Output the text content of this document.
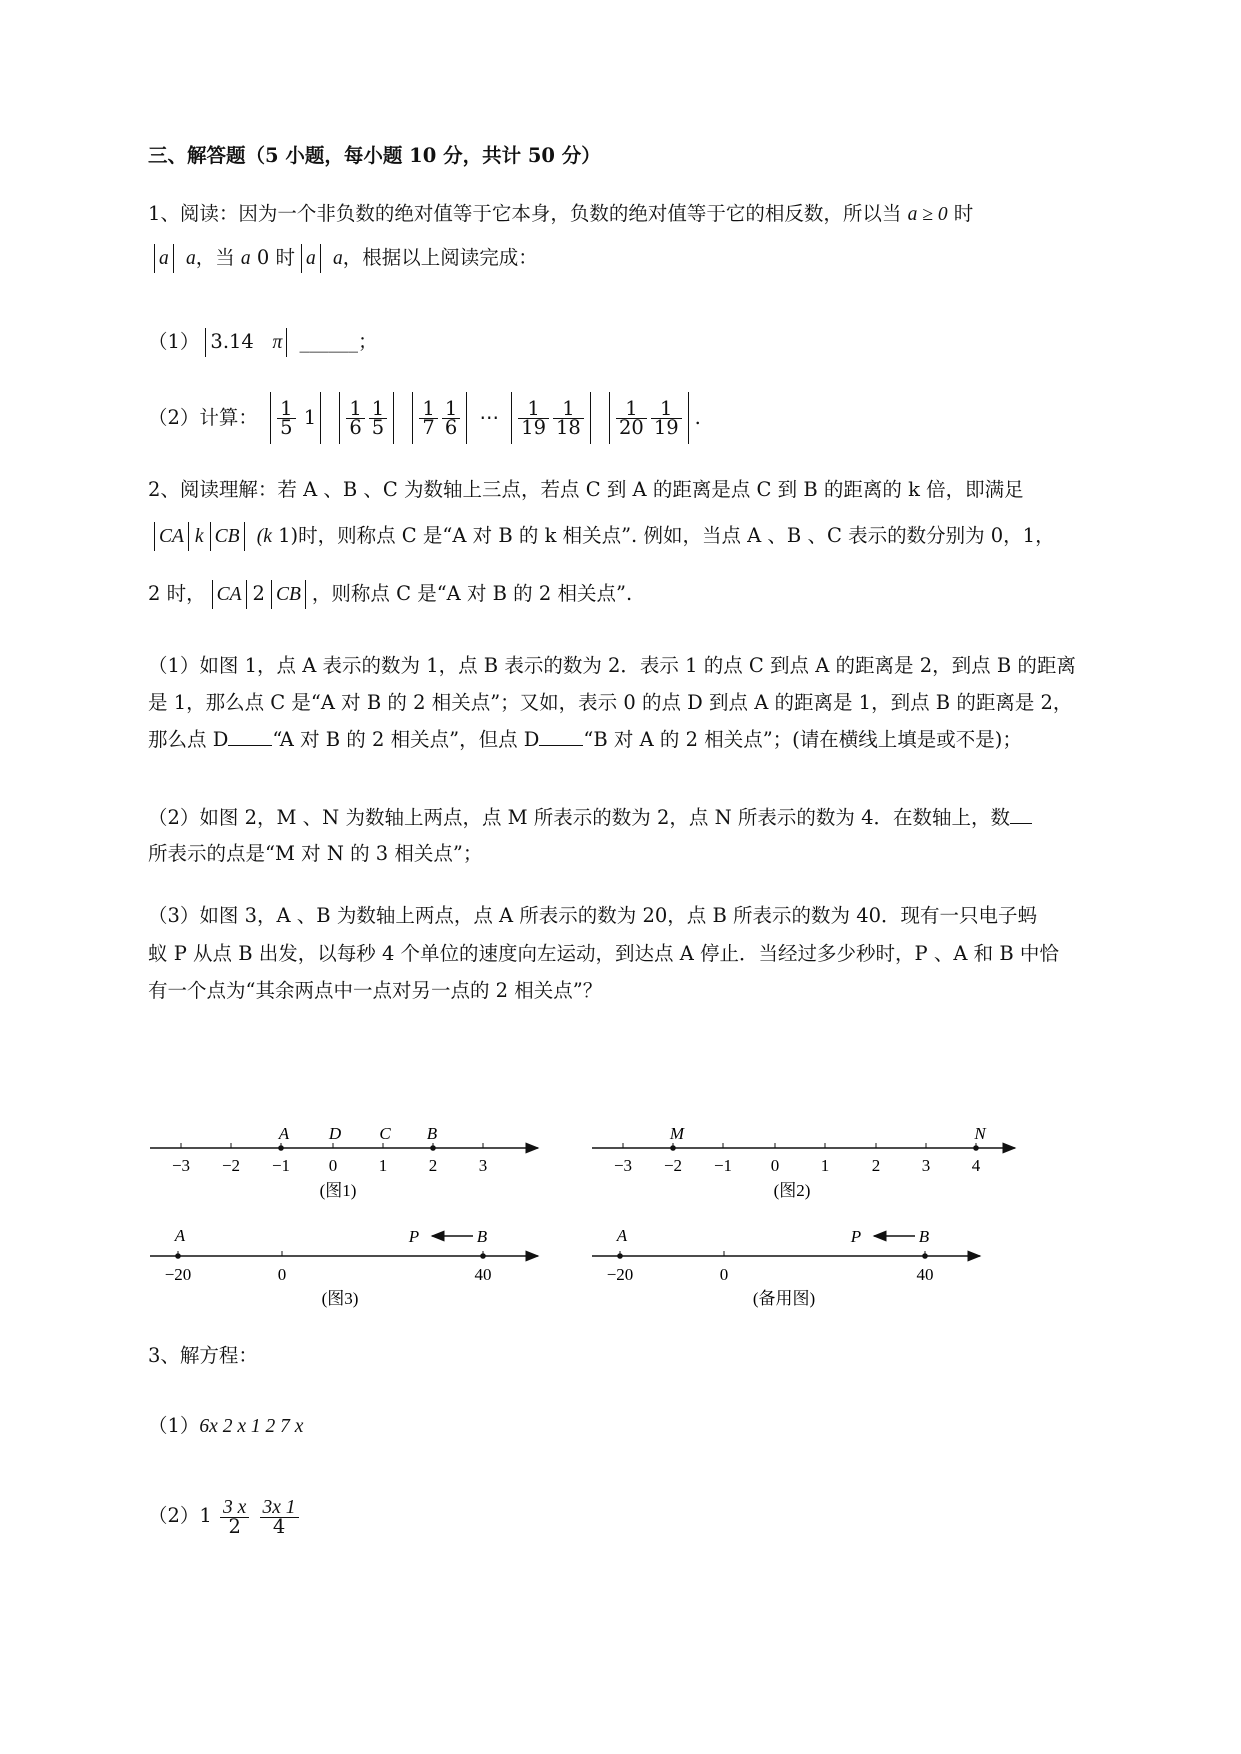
三、解答题（5 小题，每小题 10 分，共计 50 分）
1、阅读：因为一个非负数的绝对值等于它本身，负数的绝对值等于它的相反数，所以当 a ≥ 0 时
a a，当 a 0 时 a a，根据以上阅读完成：
（1） 3.14 π ______；
（2）计算： $\frac{1}{5} 1 \frac{1}{6} \frac{1}{5}$
$\frac{1}{7} \frac{1}{6}$ ⋯ $\frac{1}{19} \frac{1}{18}$
$\frac{1}{20} \frac{1}{19}$ .
2、阅读理解：若 A 、B 、C 为数轴上三点，若点 C 到 A 的距离是点 C 到 B 的距离的 k 倍，即满足
CA k CB (k 1)时，则称点 C 是“A 对 B 的 k 相关点”. 例如，当点 A 、B 、C 表示的数分别为 0，1，
2 时， CA 2 CB ，则称点 C 是“A 对 B 的 2 相关点”.
（1）如图 1，点 A 表示的数为 1，点 B 表示的数为 2．表示 1 的点 C 到点 A 的距离是 2，到点 B 的距离
是 1，那么点 C 是“A 对 B 的 2 相关点”；又如，表示 0 的点 D 到点 A 的距离是 1，到点 B 的距离是 2，
那么点 D “A 对 B 的 2 相关点”，但点 D “B 对 A 的 2 相关点”；(请在横线上填是或不是)；
（2）如图 2，M 、N 为数轴上两点，点 M 所表示的数为 2，点 N 所表示的数为 4．在数轴上，数
所表示的点是“M 对 N 的 3 相关点”；
（3）如图 3，A 、B 为数轴上两点，点 A 所表示的数为 20，点 B 所表示的数为 40．现有一只电子蚂
蚁 P 从点 B 出发，以每秒 4 个单位的速度向左运动，到达点 A 停止．当经过多少秒时，P 、A 和 B 中恰
有一个点为“其余两点中一点对另一点的 2 相关点”？
−3 −2 −1 0 1 2 3
A D C B
(图1)
−3 −2 −1 0 1	2 3 4
M	N
(图2)
−20	0	40
A	P	B
(图3)
−20	0	40
A	P	B
(备用图)
3、解方程：
（1）6x 2 x 1 2 7 x
$(2)1 \frac{3 x}{2}$
$\frac{3x 1}{4}$
